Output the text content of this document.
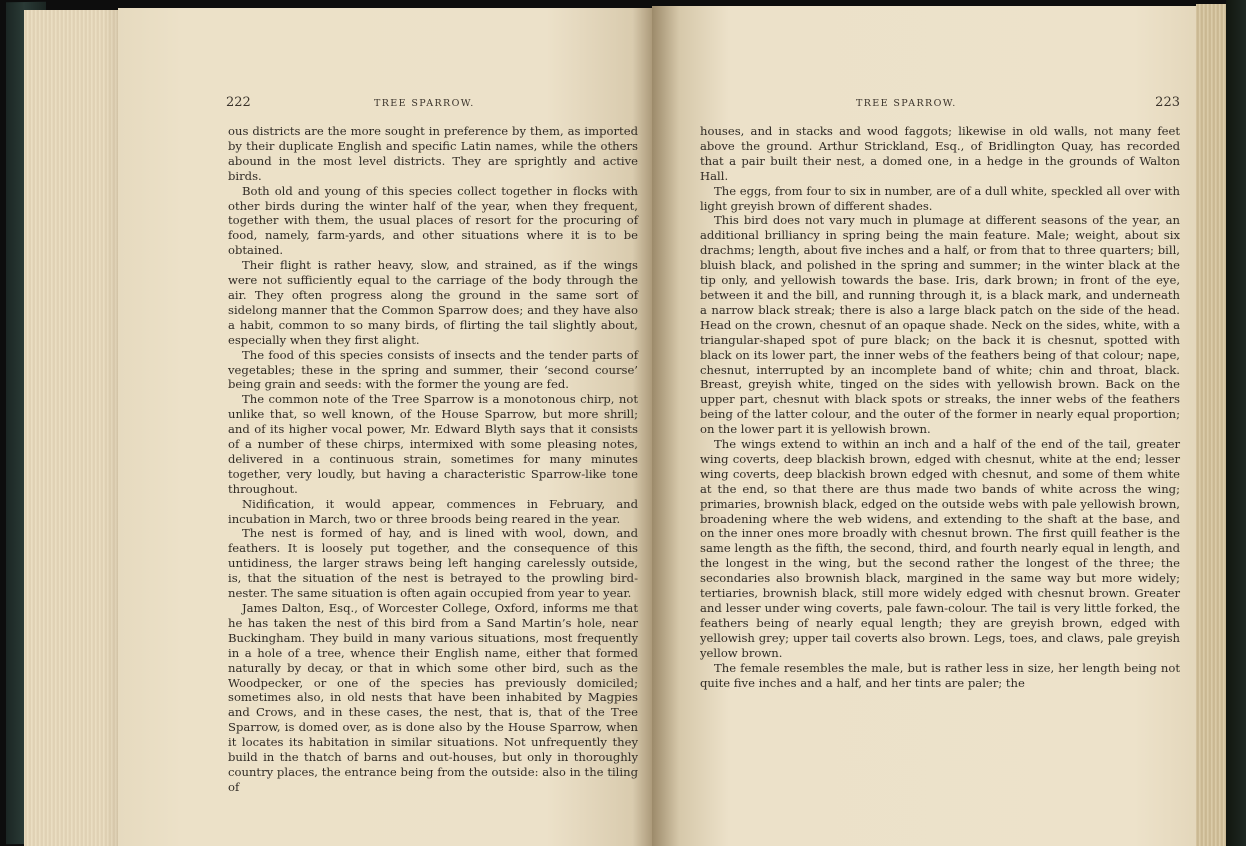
222	TREE SPARROW.	TREE SPARROW.	223

ous districts are the more sought in preference by them, as imported by their duplicate English and specific Latin names, while the others abound in the most level districts. They are sprightly and active birds.

Both old and young of this species collect together in flocks with other birds during the winter half of the year, when they frequent, together with them, the usual places of resort for the procuring of food, namely, farm-yards, and other situations where it is to be obtained.

Their flight is rather heavy, slow, and strained, as if the wings were not sufficiently equal to the carriage of the body through the air. They often progress along the ground in the same sort of sidelong manner that the Common Sparrow does; and they have also a habit, common to so many birds, of flirting the tail slightly about, especially when they first alight.

The food of this species consists of insects and the tender parts of vegetables; these in the spring and summer, their ‘second course’ being grain and seeds: with the former the young are fed.

The common note of the Tree Sparrow is a monotonous chirp, not unlike that, so well known, of the House Sparrow, but more shrill; and of its higher vocal power, Mr. Edward Blyth says that it consists of a number of these chirps, intermixed with some pleasing notes, delivered in a continuous strain, sometimes for many minutes together, very loudly, but having a characteristic Sparrow-like tone throughout.

Nidification, it would appear, commences in February, and incubation in March, two or three broods being reared in the year.

The nest is formed of hay, and is lined with wool, down, and feathers. It is loosely put together, and the consequence of this untidiness, the larger straws being left hanging carelessly outside, is, that the situation of the nest is betrayed to the prowling bird-nester. The same situation is often again occupied from year to year.

James Dalton, Esq., of Worcester College, Oxford, informs me that he has taken the nest of this bird from a Sand Martin’s hole, near Buckingham. They build in many various situations, most frequently in a hole of a tree, whence their English name, either that formed naturally by decay, or that in which some other bird, such as the Woodpecker, or one of the species has previously domiciled; sometimes also, in old nests that have been inhabited by Magpies and Crows, and in these cases, the nest, that is, that of the Tree Sparrow, is domed over, as is done also by the House Sparrow, when it locates its habitation in similar situations. Not unfrequently they build in the thatch of barns and out-houses, but only in thoroughly country places, the entrance being from the outside: also in the tiling of

houses, and in stacks and wood faggots; likewise in old walls, not many feet above the ground. Arthur Strickland, Esq., of Bridlington Quay, has recorded that a pair built their nest, a domed one, in a hedge in the grounds of Walton Hall.

The eggs, from four to six in number, are of a dull white, speckled all over with light greyish brown of different shades.

This bird does not vary much in plumage at different seasons of the year, an additional brilliancy in spring being the main feature. Male; weight, about six drachms; length, about five inches and a half, or from that to three quarters; bill, bluish black, and polished in the spring and summer; in the winter black at the tip only, and yellowish towards the base. Iris, dark brown; in front of the eye, between it and the bill, and running through it, is a black mark, and underneath a narrow black streak; there is also a large black patch on the side of the head. Head on the crown, chesnut of an opaque shade. Neck on the sides, white, with a triangular-shaped spot of pure black; on the back it is chesnut, spotted with black on its lower part, the inner webs of the feathers being of that colour; nape, chesnut, interrupted by an incomplete band of white; chin and throat, black. Breast, greyish white, tinged on the sides with yellowish brown. Back on the upper part, chesnut with black spots or streaks, the inner webs of the feathers being of the latter colour, and the outer of the former in nearly equal proportion; on the lower part it is yellowish brown.

The wings extend to within an inch and a half of the end of the tail, greater wing coverts, deep blackish brown, edged with chesnut, white at the end; lesser wing coverts, deep blackish brown edged with chesnut, and some of them white at the end, so that there are thus made two bands of white across the wing; primaries, brownish black, edged on the outside webs with pale yellowish brown, broadening where the web widens, and extending to the shaft at the base, and on the inner ones more broadly with chesnut brown. The first quill feather is the same length as the fifth, the second, third, and fourth nearly equal in length, and the longest in the wing, but the second rather the longest of the three; the secondaries also brownish black, margined in the same way but more widely; tertiaries, brownish black, still more widely edged with chesnut brown. Greater and lesser under wing coverts, pale fawn-colour. The tail is very little forked, the feathers being of nearly equal length; they are greyish brown, edged with yellowish grey; upper tail coverts also brown. Legs, toes, and claws, pale greyish yellow brown.

The female resembles the male, but is rather less in size, her length being not quite five inches and a half, and her tints are paler; the
